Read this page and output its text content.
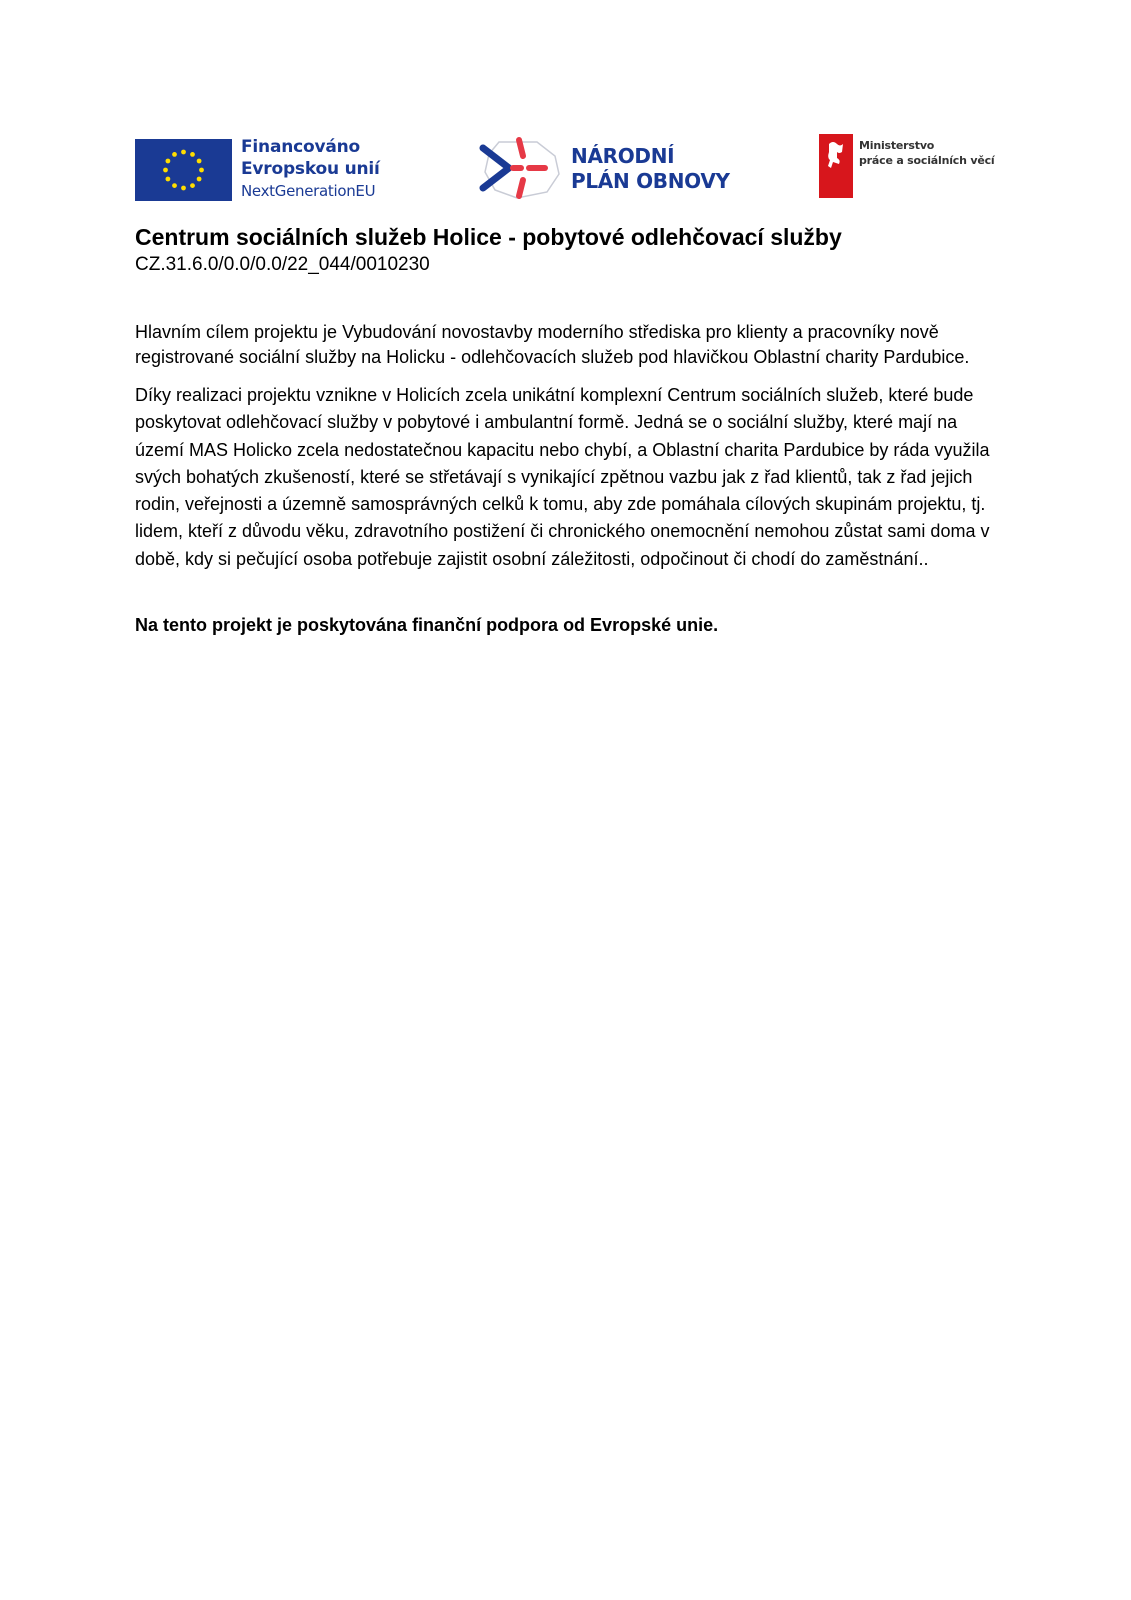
Financováno
Evropskou unií
NextGenerationEU
NÁRODNÍ
PLÁN OBNOVY
Ministerstvo
práce a sociálních věcí
Centrum sociálních služeb Holice - pobytové odlehčovací služby

CZ.31.6.0/0.0/0.0/22_044/0010230

Hlavním cílem projektu je Vybudování novostavby moderního střediska pro klienty a pracovníky nově registrované sociální služby na Holicku - odlehčovacích služeb pod hlavičkou Oblastní charity Pardubice.

Díky realizaci projektu vznikne v Holicích zcela unikátní komplexní Centrum sociálních služeb, které bude poskytovat odlehčovací služby v pobytové i ambulantní formě. Jedná se o sociální služby, které mají na území MAS Holicko zcela nedostatečnou kapacitu nebo chybí, a Oblastní charita Pardubice by ráda využila svých bohatých zkušeností, které se střetávají s vynikající zpětnou vazbu jak z řad klientů, tak z řad jejich rodin, veřejnosti a územně samosprávných celků k tomu, aby zde pomáhala cílových skupinám projektu, tj. lidem, kteří z důvodu věku, zdravotního postižení či chronického onemocnění nemohou zůstat sami doma v době, kdy si pečující osoba potřebuje zajistit osobní záležitosti, odpočinout či chodí do zaměstnání..

Na tento projekt je poskytována finanční podpora od Evropské unie.
